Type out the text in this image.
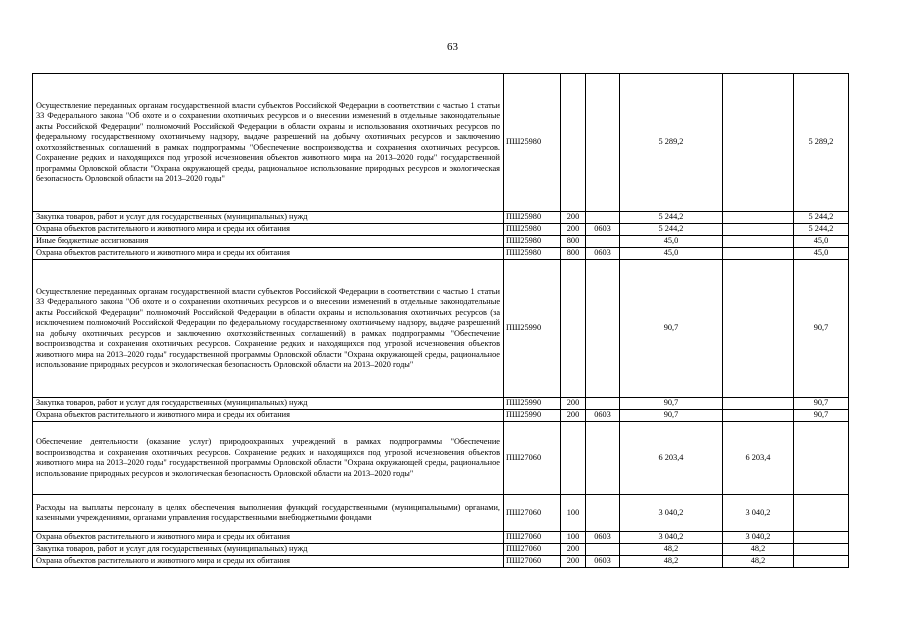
63
Осуществление переданных органам государственной власти субъектов Российской Федерации в соответствии с частью 1 статьи 33 Федерального закона "Об охоте и о сохранении охотничьих ресурсов и о внесении изменений в отдельные законодательные акты Российской Федерации" полномочий Российской Федерации в области охраны и использования охотничьих ресурсов по федеральному государственному охотничьему надзору, выдаче разрешений на добычу охотничьих ресурсов и заключению охотхозяйственных соглашений в рамках подпрограммы "Обеспечение воспроизводства и сохранения охотничьих ресурсов. Сохранение редких и находящихся под угрозой исчезновения объектов животного мира на 2013–2020 годы" государственной программы Орловской области "Охрана окружающей среды, рациональное использование природных ресурсов и экологическая безопасность Орловской области на 2013–2020 годы"	ПШ25980			5 289,2		5 289,2
Закупка товаров, работ и услуг для государственных (муниципальных) нужд	ПШ25980	200		5 244,2		5 244,2
Охрана объектов растительного и животного мира и среды их обитания	ПШ25980	200	0603	5 244,2		5 244,2
Иные бюджетные ассигнования	ПШ25980	800		45,0		45,0
Охрана объектов растительного и животного мира и среды их обитания	ПШ25980	800	0603	45,0		45,0
Осуществление переданных органам государственной власти субъектов Российской Федерации в соответствии с частью 1 статьи 33 Федерального закона "Об охоте и о сохранении охотничьих ресурсов и о внесении изменений в отдельные законодательные акты Российской Федерации" полномочий Российской Федерации в области охраны и использования охотничьих ресурсов (за исключением полномочий Российской Федерации по федеральному государственному охотничьему надзору, выдаче разрешений на добычу охотничьих ресурсов и заключению охотхозяйственных соглашений) в рамках подпрограммы "Обеспечение воспроизводства и сохранения охотничьих ресурсов. Сохранение редких и находящихся под угрозой исчезновения объектов животного мира на 2013–2020 годы" государственной программы Орловской области "Охрана окружающей среды, рациональное использование природных ресурсов и экологическая безопасность Орловской области на 2013–2020 годы"	ПШ25990			90,7		90,7
Закупка товаров, работ и услуг для государственных (муниципальных) нужд	ПШ25990	200		90,7		90,7
Охрана объектов растительного и животного мира и среды их обитания	ПШ25990	200	0603	90,7		90,7
Обеспечение деятельности (оказание услуг) природоохранных учреждений в рамках подпрограммы "Обеспечение воспроизводства и сохранения охотничьих ресурсов. Сохранение редких и находящихся под угрозой исчезновения объектов животного мира на 2013–2020 годы" государственной программы Орловской области "Охрана окружающей среды, рациональное использование природных ресурсов и экологическая безопасность Орловской области на 2013–2020 годы"	ПШ27060			6 203,4	6 203,4	
Расходы на выплаты персоналу в целях обеспечения выполнения функций государственными (муниципальными) органами, казенными учреждениями, органами управления государственными внебюджетными фондами	ПШ27060	100		3 040,2	3 040,2	
Охрана объектов растительного и животного мира и среды их обитания	ПШ27060	100	0603	3 040,2	3 040,2	
Закупка товаров, работ и услуг для государственных (муниципальных) нужд	ПШ27060	200		48,2	48,2	
Охрана объектов растительного и животного мира и среды их обитания	ПШ27060	200	0603	48,2	48,2	
